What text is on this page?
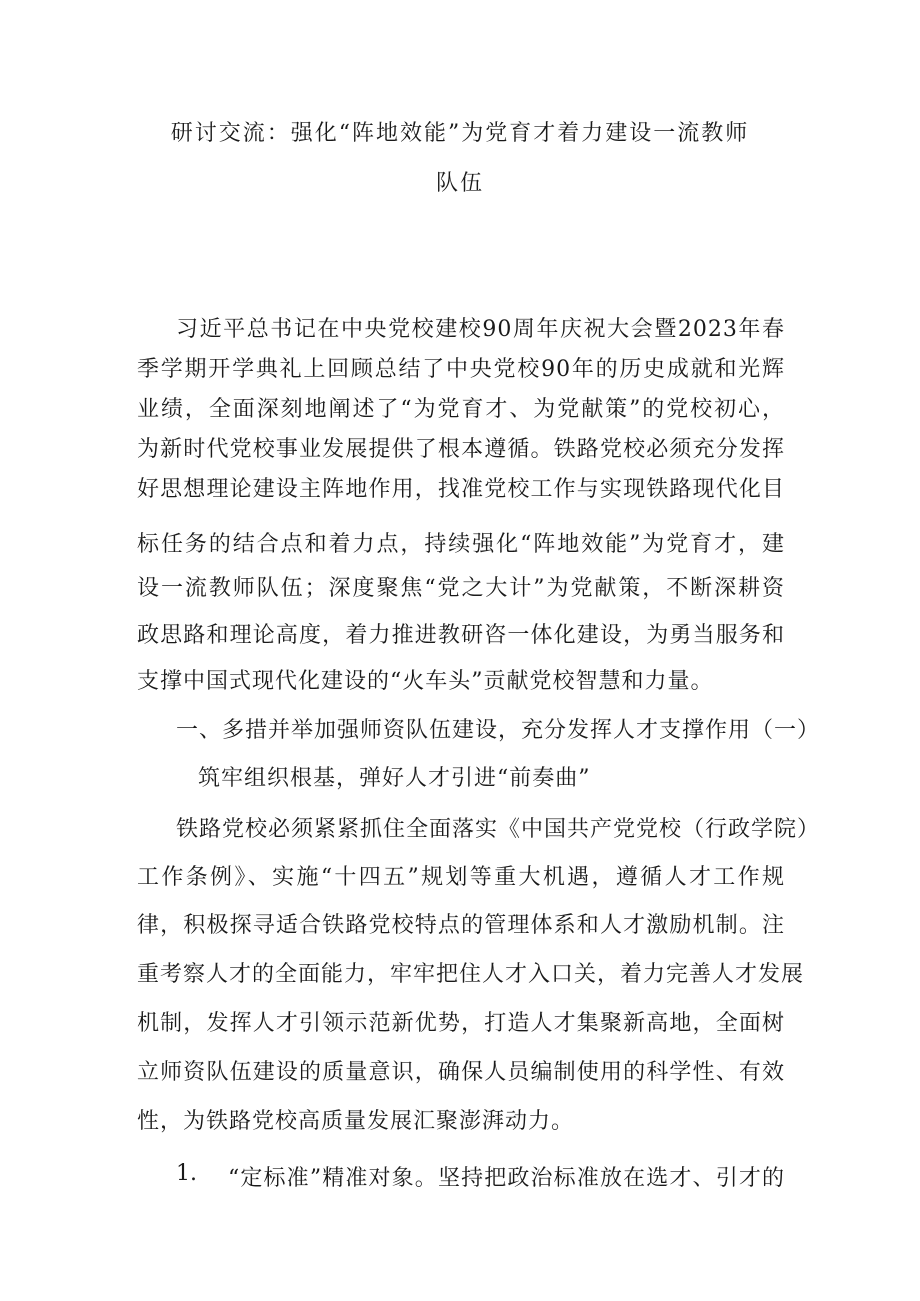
研讨交流：强化“阵地效能”为党育才着力建设一流教师
队伍
习近平总书记在中央党校建校90周年庆祝大会暨2023年春
季学期开学典礼上回顾总结了中央党校90年的历史成就和光辉
业绩，全面深刻地阐述了“为党育才、为党献策”的党校初心，
为新时代党校事业发展提供了根本遵循。铁路党校必须充分发挥
好思想理论建设主阵地作用，找准党校工作与实现铁路现代化目
标任务的结合点和着力点，持续强化“阵地效能”为党育才，建
设一流教师队伍；深度聚焦“党之大计”为党献策，不断深耕资
政思路和理论高度，着力推进教研咨一体化建设，为勇当服务和
支撑中国式现代化建设的“火车头”贡献党校智慧和力量。
一、多措并举加强师资队伍建设，充分发挥人才支撑作用（一）
筑牢组织根基，弹好人才引进“前奏曲”
铁路党校必须紧紧抓住全面落实《中国共产党党校（行政学院）
工作条例》、实施“十四五”规划等重大机遇，遵循人才工作规
律，积极探寻适合铁路党校特点的管理体系和人才激励机制。注
重考察人才的全面能力，牢牢把住人才入口关，着力完善人才发展
机制，发挥人才引领示范新优势，打造人才集聚新高地，全面树
立师资队伍建设的质量意识，确保人员编制使用的科学性、有效
性，为铁路党校高质量发展汇聚澎湃动力。
1. “定标准”精准对象。坚持把政治标准放在选才、引才的
